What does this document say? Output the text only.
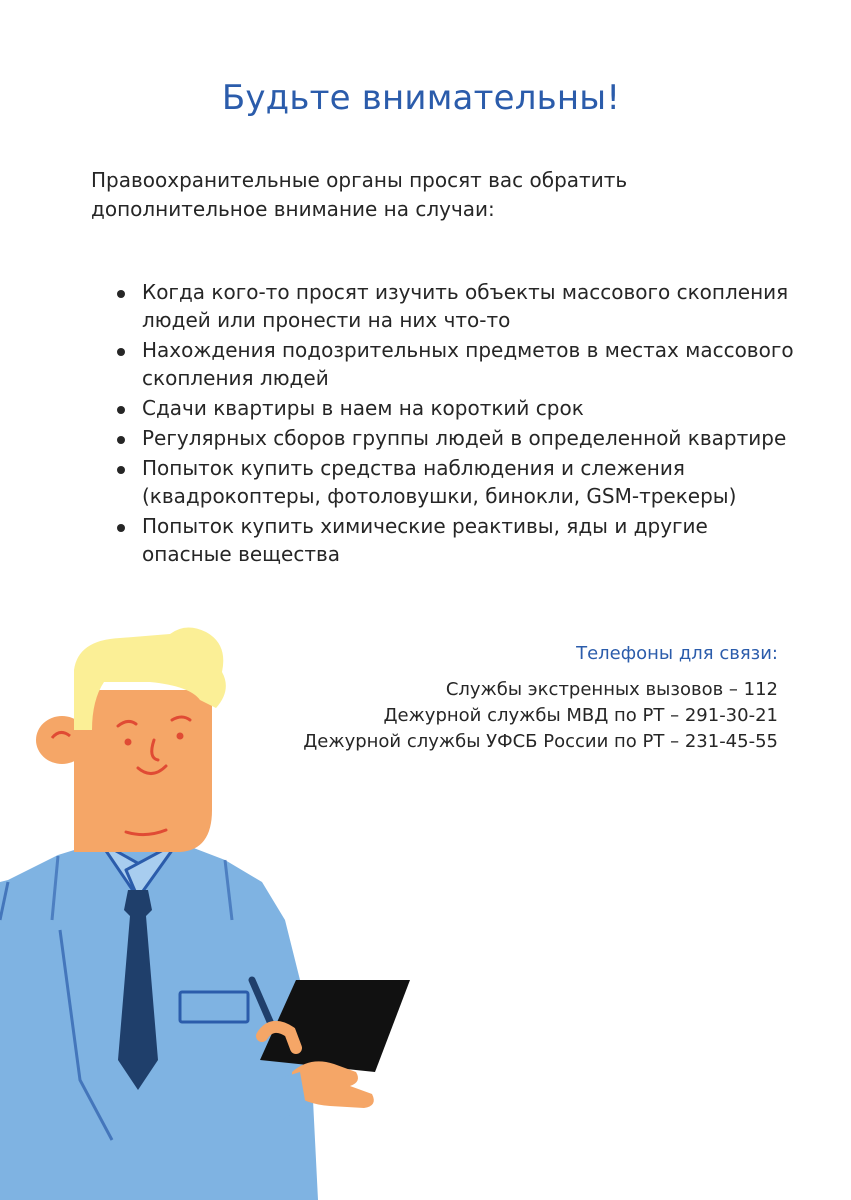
Будьте внимательны!

Правоохранительные органы просят вас обратить дополнительное внимание на случаи:

Когда кого-то просят изучить объекты массового скопления людей или пронести на них что-то
Нахождения подозрительных предметов в местах массового скопления людей
Сдачи квартиры в наем на короткий срок
Регулярных сборов группы людей в определенной квартире
Попыток купить средства наблюдения и слежения (квадрокоптеры, фотоловушки, бинокли, GSM-трекеры)
Попыток купить химические реактивы, яды и другие опасные вещества

Телефоны для связи:

Службы экстренных вызовов – 112
Дежурной службы МВД по РТ – 291-30-21
Дежурной службы УФСБ России по РТ – 231-45-55
